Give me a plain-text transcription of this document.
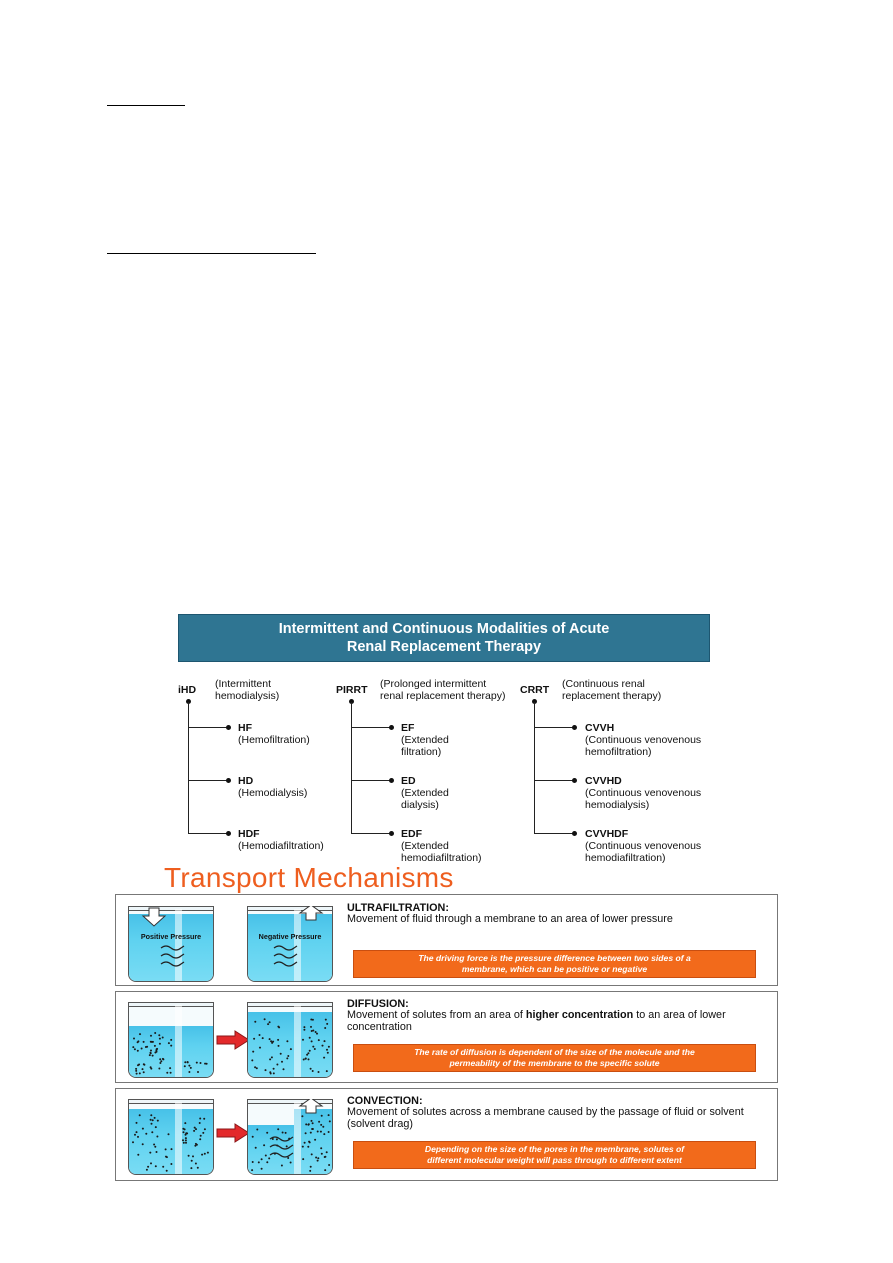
Intermittent and Continuous Modalities of Acute
Renal Replacement Therapy
iHD (Intermittent
hemodialysis)
HF
(Hemofiltration)
HD
(Hemodialysis)
HDF
(Hemodiafiltration)
PIRRT (Prolonged intermittent
renal replacement therapy)
EF
(Extended
filtration)
ED
(Extended
dialysis)
EDF
(Extended
hemodiafiltration)
CRRT (Continuous renal
replacement therapy)
CVVH
(Continuous venovenous
hemofiltration)
CVVHD
(Continuous venovenous
hemodialysis)
CVVHDF
(Continuous venovenous
hemodiafiltration)
Transport Mechanisms
Positive Pressure	Negative Pressure
ULTRAFILTRATION:
Movement of fluid through a membrane to an area of lower pressure
The driving force is the pressure difference between two sides of a
membrane, which can be positive or negative
DIFFUSION:
Movement of solutes from an area of higher concentration to an area of lower concentration
The rate of diffusion is dependent of the size of the molecule and the
permeability of the membrane to the specific solute
CONVECTION:
Movement of solutes across a membrane caused by the passage of fluid or solvent (solvent drag)
Depending on the size of the pores in the membrane, solutes of
different molecular weight will pass through to different extent
